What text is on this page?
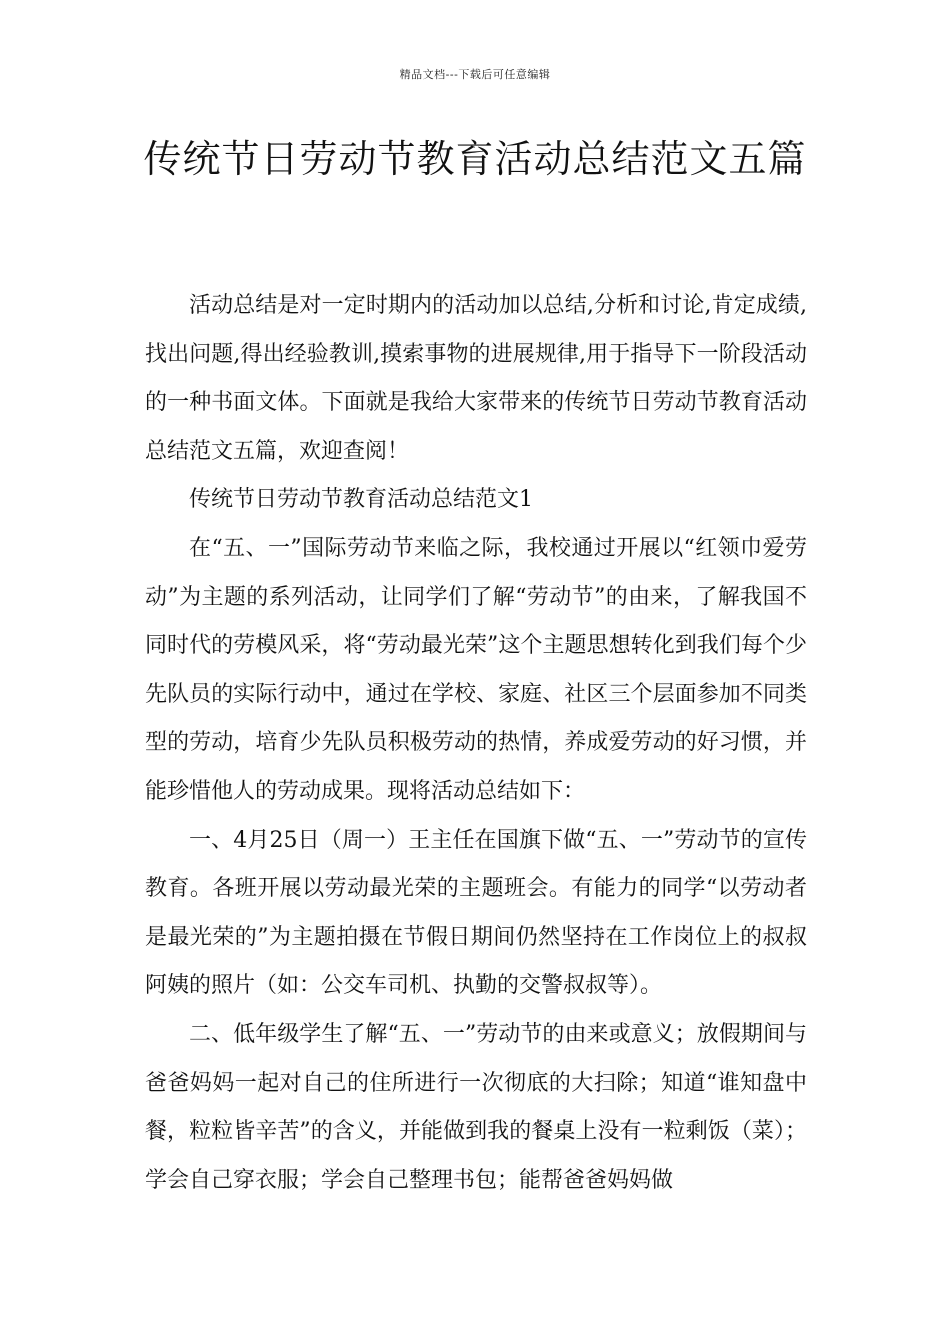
精品文档---下载后可任意编辑
传统节日劳动节教育活动总结范文五篇

活动总结是对一定时期内的活动加以总结,分析和讨论,肯定成绩,找出问题,得出经验教训,摸索事物的进展规律,用于指导下一阶段活动的一种书面文体。下面就是我给大家带来的传统节日劳动节教育活动总结范文五篇，欢迎查阅！

传统节日劳动节教育活动总结范文1

在“五、一”国际劳动节来临之际，我校通过开展以“红领巾爱劳动”为主题的系列活动，让同学们了解“劳动节”的由来，了解我国不同时代的劳模风采，将“劳动最光荣”这个主题思想转化到我们每个少先队员的实际行动中，通过在学校、家庭、社区三个层面参加不同类型的劳动，培育少先队员积极劳动的热情，养成爱劳动的好习惯，并能珍惜他人的劳动成果。现将活动总结如下：

一、4月25日（周一）王主任在国旗下做“五、一”劳动节的宣传教育。各班开展以劳动最光荣的主题班会。有能力的同学“以劳动者是最光荣的”为主题拍摄在节假日期间仍然坚持在工作岗位上的叔叔阿姨的照片（如：公交车司机、执勤的交警叔叔等）。

二、低年级学生了解“五、一”劳动节的由来或意义；放假期间与爸爸妈妈一起对自己的住所进行一次彻底的大扫除；知道“谁知盘中餐，粒粒皆辛苦”的含义，并能做到我的餐桌上没有一粒剩饭（菜）；学会自己穿衣服；学会自己整理书包；能帮爸爸妈妈做
